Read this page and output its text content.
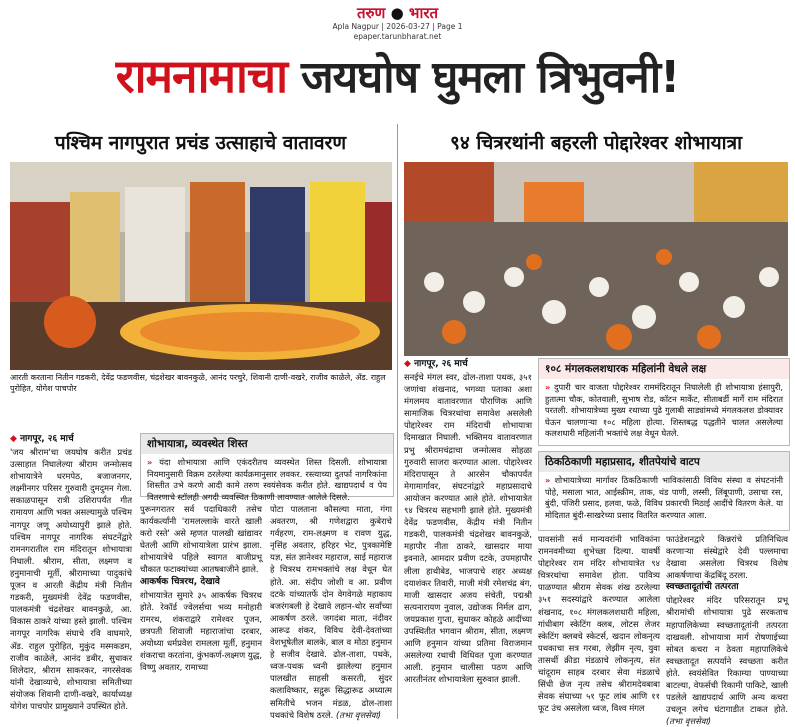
तरुण ● भारत
Apla Nagpur | 2026-03-27 | Page 1
epaper.tarunbharat.net
रामनामाचा जयघोष घुमला त्रिभुवनी!
पश्चिम नागपुरात प्रचंड उत्साहाचे वातावरण
आरती करताना नितीन गडकरी, देवेंद्र फडणवीस, चंद्रशेखर बावनकुळे, आनंद परचुरे, शिवानी दाणी-वखरे, राजीव काळेले, ॲड. राहुल पुरोहित, योगेश पाचपोर
◆ नागपूर, २६ मार्च
'जय श्रीराम'चा जयघोष करीत प्रचंड उत्साहात निघालेल्या श्रीराम जन्मोत्सव शोभायात्रेने धरमपेठ, बजाजनगर, लक्ष्मीनगर परिसर गुरुवारी दुमदुमन गेला. सकाळपासून रात्री उशिरापर्यंत गीत रामायण आणि भक्त असल्यामुळे पश्चिम नागपूर जणू अयोध्यापुरी झाले होते. पश्चिम नागपूर नागरिक संघटनेंद्वारे रामनगरातील राम मंदिरातून शोभायात्रा निघाली. श्रीराम, सीता, लक्ष्मण व हनुमानाची मूर्ती, श्रीरामाच्या पादुकांचे पूजन व आरती केंद्रीय मंत्री नितीन गडकरी, मुख्यमंत्री देवेंद्र फडणवीस, पालकमंत्री चंद्रशेखर बावनकुळे, आ. विकास ठाकरे यांच्या हस्ते झाली. पश्चिम नागपूर नागरिक संघाचे रवि वाघमारे, ॲड. राहुल पुरोहित, मुकुंद मस्मकडम, राजीव काळेले, आनंद डबीर, सुधाकर शिलेदार, श्रीराम साकरकर, नगरसेवक यांनी देखाव्याचे, शोभायात्रा समितीच्या संयोजक शिवानी दाणी-वखरे, कार्याध्यक्ष योगेश पाचपोर प्रामुख्याने उपस्थित होते.
शोभायात्रा, व्यवस्थेत शिस्त
» यंदा शोभायात्रा आणि एकंदरीतच व्यवस्थेत शिस्त दिसली. शोभायात्रा नियमानुसारी विक्रम ठरलेल्या कार्यक्रमानुसार लवकर. रस्त्याच्या दुतर्फा नागरिकांना शिस्तीत उभे करणे आदी कामे तरुण स्वयंसेवक करीत होते. खाद्यपदार्थ व पेय वितरणाचे स्टॉलही अगदी व्यवस्थित ठिकाणी लावण्यात आलेले दिसले.
पुरूनगरातर सर्व पदाधिकारी तसेच कार्यकर्त्यांनी 'रामलल्लाके वारते खाली करो रस्ते' असे म्हणत पालखी खांद्यावर घेतली आणि शोभायात्रेला प्रारंभ झाला. शोभायात्रेचे पहिले स्वागत बाजीप्रभू चौकात फटाक्यांच्या आतषबाजीने झाले.
आकर्षक चित्ररथ, देखावे
शोभायात्रेत सुमारे ३५ आकर्षक चित्ररथ होते. रेकॉर्ड ज्वेलर्सचा भव्य मनोहारी रामरथ, शंकराद्वारे रामेश्वर पूजन, छत्रपती शिवाजी महाराजांचा दरबार, अयोध्या धर्मप्रवेश रामलला मूर्ती, हनुमान शंकराचा करतांना, कुंभकर्ण-लक्ष्मण युद्ध, विष्णु अवतार, रामाच्या
पोटा पालताना कौसल्या माता, गंगा अवतरण, श्री गणेशद्वारा कुबेराचे गर्वहरण, राम-लक्ष्मण व रावण युद्ध, नृसिंह अवतार, हरिहर भेट, पुत्रकामेष्टि यज्ञ, संत ज्ञानेश्वर महाराज, साई महाराज हे चित्ररथ रामभक्तांचे लक्ष वेधून घेत होते. आ. संदीप जोशी व आ. प्रवीण दटके यांच्यातर्फे दोन वेगवेगळे महाकाय बजरंगबली हे देखावे लहान-थोर सर्वांच्या आकर्षण ठरले. जगदंबा माता, नंदीवर आरूढ शंकर, विविध देवी-देवतांच्या वेशभूषेतील बालके, बाल व मोठा हनुमान हे सजीव देखावे. ढोल-ताशा, पथके, ध्वज-पथक ध्वनी झालेल्या हनुमान पालखीत साहसी कसरती, सुंदर कलाविष्कार, सद्गुरू सिद्धारूढ अध्यात्म समितीचे भजन मंडळ, ढोल-ताशा पथकांचे विशेष ठरले. (तभा वृत्तसेवा)
९४ चित्ररथांनी बहरली पोद्दारेश्वर शोभायात्रा
◆ नागपूर, २६ मार्च
सनईचे मंगल स्वर, ढोल-ताशा पथक, ३५१ जणांचा शंखनाद, भगव्या पताका अशा मंगलमय वातावरणात पौराणिक आणि सामाजिक चित्ररथांचा समावेश असलेली पोद्दारेश्वर राम मंदिराची शोभायात्रा दिमाखात निघाली. भक्तिमय वातावरणात प्रभु श्रीरामचंद्राचा जन्मोत्सव सोहळा गुरुवारी साजरा करण्यात आला. पोद्दारेश्वर मंदिरापासून ते आरसेन चौकापर्यंत मेगामार्गावर, संघटनांद्वारे महाप्रसादाचे आयोजन करण्यात आले होते. शोभायात्रेत ९४ चित्ररथ सहभागी झाले होते. मुख्यमंत्री देवेंद्र फडणवीस, केंद्रीय मंत्री नितीन गडकरी, पालकमंत्री चंद्रशेखर बावनकुळे, महापौर नीता ठाकरे, खासदार माया इवनाते, आमदार प्रवीण दटके, उपमहापौर लीला हाथीबेड, भाजपाचे शहर अध्यक्ष दयाशंकर तिवारी, माजी मंत्री रमेशचंद्र बंग, माजी खासदार अजय संचेती, पद्मश्री सत्यनारायण नुवाल, उद्योजक निर्मल ढाग, जयप्रकाश गुप्ता, सुधाकर कोहळे आदींच्या उपस्थितीत भगवान श्रीराम, सीता, लक्ष्मण आणि हनुमान यांच्या प्रतिमा विराजमान असलेल्या रथाची विधिवत पूजा करण्यात आली. हनुमान चालीसा पठण आणि आरतीनंतर शोभायात्रेला सुरुवात झाली.
१०८ मंगलकलशधारक महिलांनी वेधले लक्ष
» दुपारी चार वाजता पोद्दारेश्वर राममंदिरातून निघालेली ही शोभायात्रा हंसापुरी, हुतात्मा चौक, कोतवाली, सुभाष रोड, कॉटन मार्केट, सीताबर्डी मार्गे राम मंदिरात परतली. शोभायात्रेच्या मुख्य रथाच्या पुढे गुलाबी साड्यांमध्ये मंगलकलश डोक्यावर घेऊन चालणाऱ्या १०८ महिला होत्या. शिस्तबद्ध पद्धतीने चालत असलेल्या कलशधारी महिलांनी भक्तांचे लक्ष वेधून घेतले.
ठिकठिकाणी महाप्रसाद, शीतपेयांचे वाटप
» शोभायात्रेच्या मार्गावर ठिकठिकाणी भाविकांसाठी विविध संस्था व संघटनांनी पोहे, मसाला भात, आईस्क्रीम, ताक, थंड पाणी, लस्सी, लिंबूपाणी, उसाचा रस, बुंदी, पंजिरी प्रसाद, हलवा, फळे, विविध प्रकारची मिठाई आदींचे वितरण केले. या मोदितात बुंदी-साखरेच्या प्रसाद वितरित करण्यात आला.
पावसांनी सर्व मान्यवरांनी भाविकांना रामनवमीच्या शुभेच्छा दिल्या. यावर्षी पोद्दारेश्वर राम मंदिर शोभायात्रेत ९४ चित्ररथांचा समावेश होता. पावित्र्य पाळण्यात श्रीराम सेवक शंख ठरलेल्या ३५१ सदस्यांद्वारे करण्यात आलेला शंखनाद, १०८ मंगलकलशधारी महिला, गांधीबाग स्केटिंग क्लब, लोटस लेजर स्केटिंग क्लबचे स्केटर्स, खदान लोकनृत्य पथकाचा सत्र गरबा, लेझीम नृत्य, युवा तासर्थी क्रीडा मंडळाचे लोकनृत्य, संत चांदूराम साहब दरबार सेवा मंडळाचे सिंधी छेज नृत्य तसेच श्रीरामदेवबाबा सेवक संघाच्या ५१ फूट लांब आणि ११ फूट उंच असलेला ध्वज, विश्व मंगल
फाउंडेशनद्वारे किन्नरांचे प्रतिनिधित्व करणाऱ्या संस्थेद्वारे देवी पल्लमाचा देखावा असलेला चित्ररथ विशेष आकर्षणाचा केंद्रबिंदू ठरला.
स्वच्छतादूतांची तत्परता
पोद्दारेश्वर मंदिर परिसरातून प्रभू श्रीरामांची शोभायात्रा पुढे सरकताच महापालिकेच्या स्वच्छतादूतांनी तत्परता दाखवली. शोभायात्रा मार्ग रोषणाईच्या सोबत कचरा न ठेवता महापालिकेचे स्वच्छतादूत सत्पर्याने स्वच्छता करीत होते. स्वयंसेवित रिकाम्या पाण्याच्या बाटल्या, वेफर्सची रिकामी पाकिटे, खाली पडलेले खाद्यपदार्थ आणि अन्य कचरा उचलून लगेच घंटागाडीत टाकत होते. (तभा वृत्तसेवा)
